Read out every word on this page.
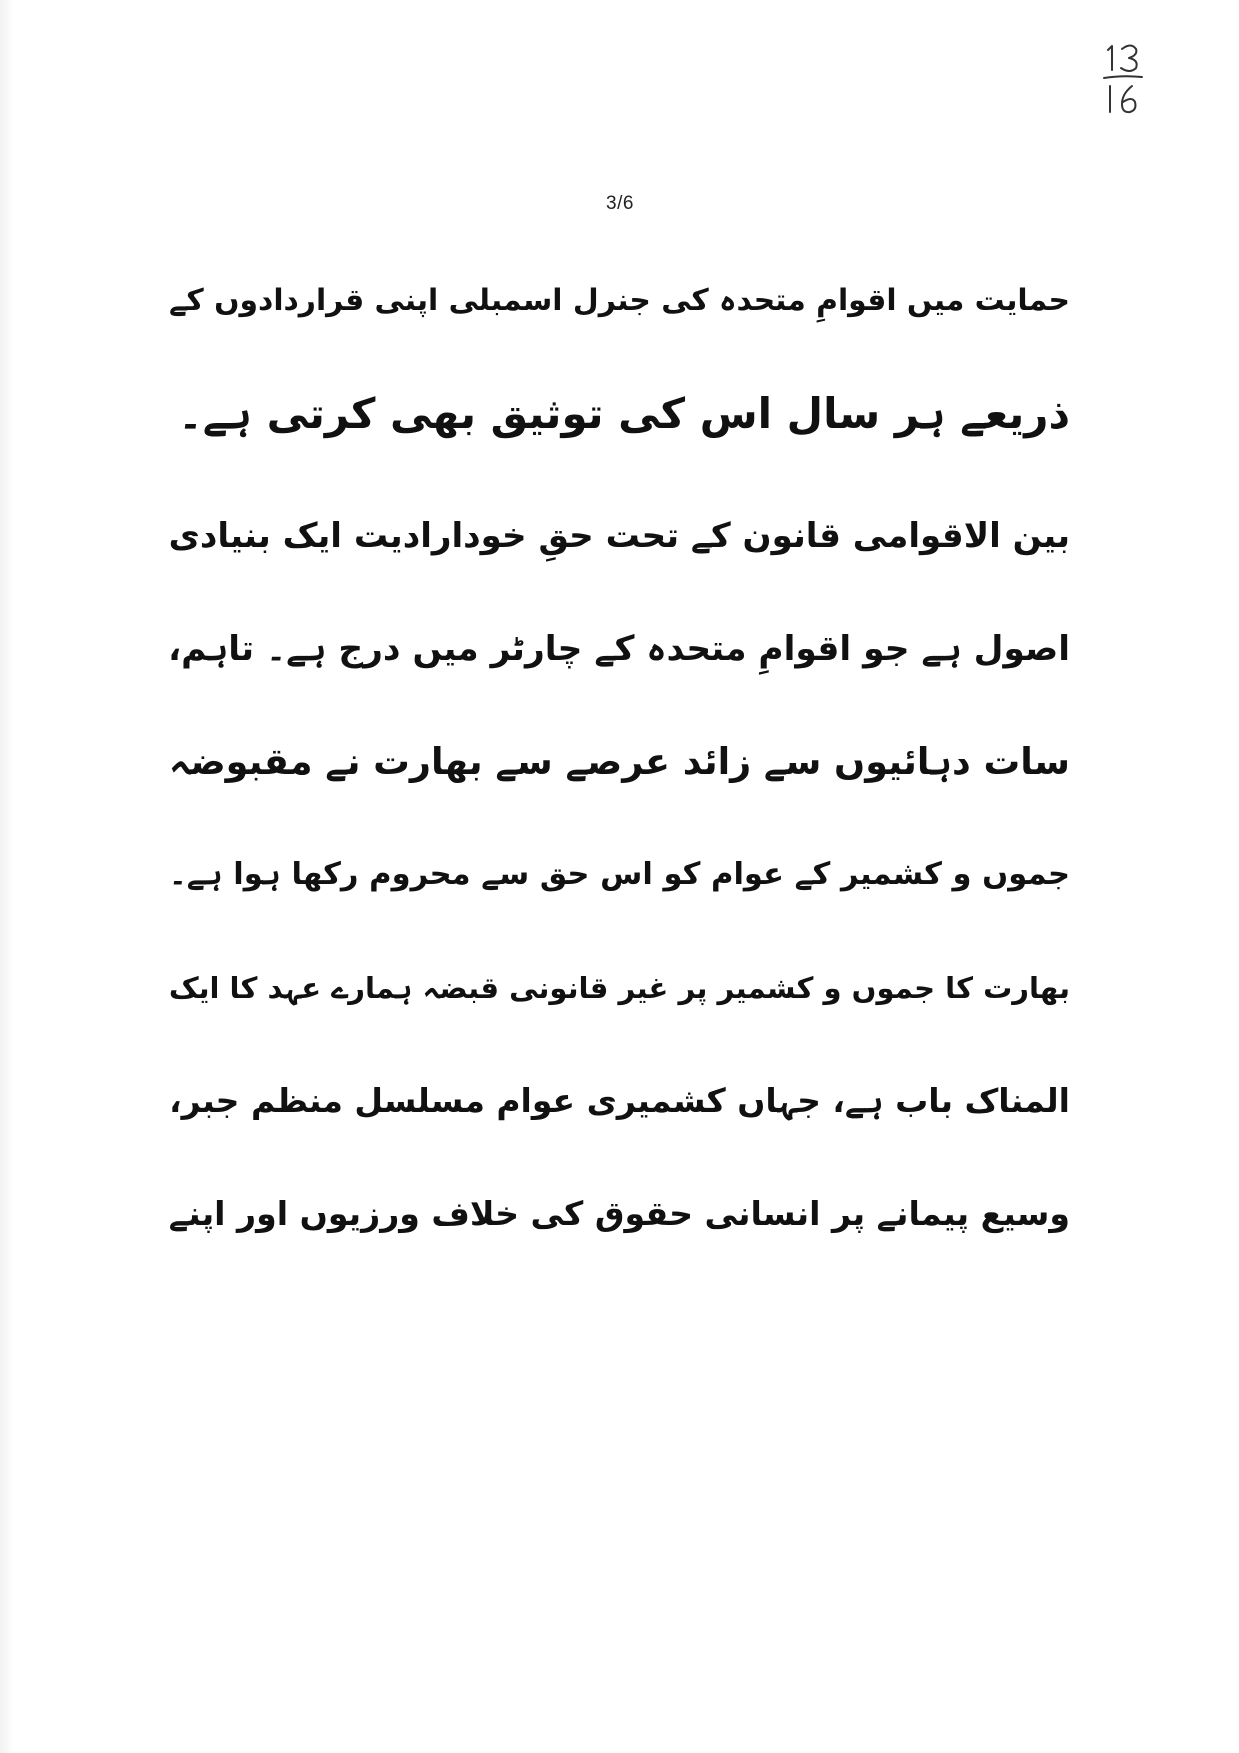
3/6
حمایت میں اقوامِ متحدہ کی جنرل اسمبلی اپنی قراردادوں کے
ذریعے ہر سال اس کی توثیق بھی کرتی ہے۔
بین الاقوامی قانون کے تحت حقِ خودارادیت ایک بنیادی
اصول ہے جو اقوامِ متحدہ کے چارٹر میں درج ہے۔ تاہم،
سات دہائیوں سے زائد عرصے سے بھارت نے مقبوضہ
جموں و کشمیر کے عوام کو اس حق سے محروم رکھا ہوا ہے۔
بھارت کا جموں و کشمیر پر غیر قانونی قبضہ ہمارے عہد کا ایک
المناک باب ہے، جہاں کشمیری عوام مسلسل منظم جبر،
وسیع پیمانے پر انسانی حقوق کی خلاف ورزیوں اور اپنے
